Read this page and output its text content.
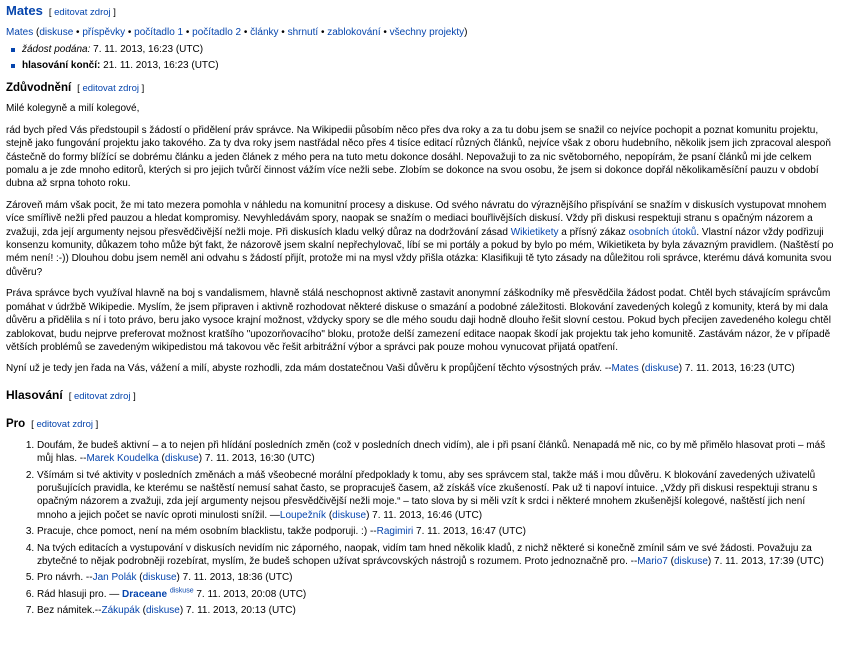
Mates [ editovat zdroj ]
Mates (diskuse • příspěvky • počítadlo 1 • počítadlo 2 • články • shrnutí • zablokování • všechny projekty)
žádost podána: 7. 11. 2013, 16:23 (UTC)
hlasování končí: 21. 11. 2013, 16:23 (UTC)
Zdůvodnění [ editovat zdroj ]

Milé kolegyně a milí kolegové,

rád bych před Vás předstoupil s žádostí o přidělení práv správce. Na Wikipedii působím něco přes dva roky a za tu dobu jsem se snažil co nejvíce pochopit a poznat komunitu projektu, stejně jako fungování projektu jako takového. Za ty dva roky jsem nastřádal něco přes 4 tisíce editací různých článků, nejvíce však z oboru hudebního, několik jsem jich zpracoval alespoň částečně do formy blížící se dobrému článku a jeden článek z mého pera na tuto metu dokonce dosáhl. Nepovažuji to za nic světoborného, nepopírám, že psaní článků mi jde celkem pomalu a je zde mnoho editorů, kterých si pro jejich tvůrčí činnost vážím více nežli sebe. Zlobím se dokonce na svou osobu, že jsem si dokonce dopřál několikaměsíční pauzu v období dubna až srpna tohoto roku.

Zároveň mám však pocit, že mi tato mezera pomohla v náhledu na komunitní procesy a diskuse. Od svého návratu do výraznějšího přispívání se snažím v diskusích vystupovat mnohem více smířlivě nežli před pauzou a hledat kompromisy. Nevyhledávám spory, naopak se snažím o mediaci bouřlivějších diskusí. Vždy při diskusi respektuji stranu s opačným názorem a zvažuji, zda její argumenty nejsou přesvědčivější nežli moje. Při diskusích kladu velký důraz na dodržování zásad Wikietikety a přísný zákaz osobních útoků. Vlastní názor vždy podřizuji konsenzu komunity, důkazem toho může být fakt, že názorově jsem skalní nepřechylovač, líbí se mi portály a pokud by bylo po mém, Wikietiketa by byla závazným pravidlem. (Naštěstí po mém není! :-)) Dlouhou dobu jsem neměl ani odvahu s žádostí přijít, protože mi na mysl vždy přišla otázka: Klasifikuji tě tyto zásady na důležitou roli správce, kterému dává komunita svou důvěru?

Práva správce bych využíval hlavně na boj s vandalismem, hlavně stálá neschopnost aktivně zastavit anonymní záškodníky mě přesvědčila žádost podat. Chtěl bych stávajícím správcům pomáhat v údržbě Wikipedie. Myslím, že jsem připraven i aktivně rozhodovat některé diskuse o smazání a podobné záležitosti. Blokování zavedených kolegů z komunity, která by mi dala důvěru a přidělila s ní i toto právo, beru jako vysoce krajní možnost, vždycky spory se dle mého soudu daji hodně dlouho řešit slovní cestou. Pokud bych přecijen zavedeného kolegu chtěl zablokovat, budu nejprve preferovat možnost kratšího "upozorňovacího" bloku, protože delší zamezení editace naopak škodí jak projektu tak jeho komunitě. Zastávám názor, že v případě větších problémů se zavedeným wikipedistou má takovou věc řešit arbitrážní výbor a správci pak pouze mohou vynucovat přijatá opatření.

Nyní už je tedy jen řada na Vás, vážení a milí, abyste rozhodli, zda mám dostatečnou Vaši důvěru k propůjčení těchto výsostných práv. --Mates (diskuse) 7. 11. 2013, 16:23 (UTC)

Hlasování [ editovat zdroj ]
Pro [ editovat zdroj ]
1. Doufám, že budeš aktivní – a to nejen při hlídání posledních změn (což v posledních dnech vidím), ale i při psaní článků. Nenapadá mě nic, co by mě přimělo hlasovat proti – máš můj hlas. --Marek Koudelka (diskuse) 7. 11. 2013, 16:30 (UTC)
2. Všímám si tvé aktivity v posledních změnách a máš všeobecné morální předpoklady k tomu, aby ses správcem stal, takže máš i mou důvěru. K blokování zavedených uživatelů porušujících pravidla, ke kterému se naštěstí nemusí sahat často, se propracuješ časem, až získáš více zkušeností. Pak už ti napoví intuice. „Vždy při diskusi respektuji stranu s opačným názorem a zvažuji, zda její argumenty nejsou přesvědčivější nežli moje.“ – tato slova by si měli vzít k srdci i některé mnohem zkušenější kolegové, naštěstí jich není mnoho a jejich počet se navíc oproti minulosti snížil. —Loupežník (diskuse) 7. 11. 2013, 16:46 (UTC)
3. Pracuje, chce pomoct, není na mém osobním blacklistu, takže podporuji. :) --Ragimiri 7. 11. 2013, 16:47 (UTC)
4. Na tvých editacích a vystupování v diskusích nevidím nic záporného, naopak, vidím tam hned několik kladů, z nichž některé si konečně zmínil sám ve své žádosti. Považuju za zbytečné to nějak podrobněji rozebírat, myslím, že budeš schopen užívat správcovských nástrojů s rozumem. Proto jednoznačně pro. --Mario7 (diskuse) 7. 11. 2013, 17:39 (UTC)
5. Pro návrh. --Jan Polák (diskuse) 7. 11. 2013, 18:36 (UTC)
6. Rád hlasuji pro. — Draceane $^{diskuse}$ 7. 11. 2013, 20:08 (UTC)
7. Bez námitek.--Zákupák (diskuse) 7. 11. 2013, 20:13 (UTC)
